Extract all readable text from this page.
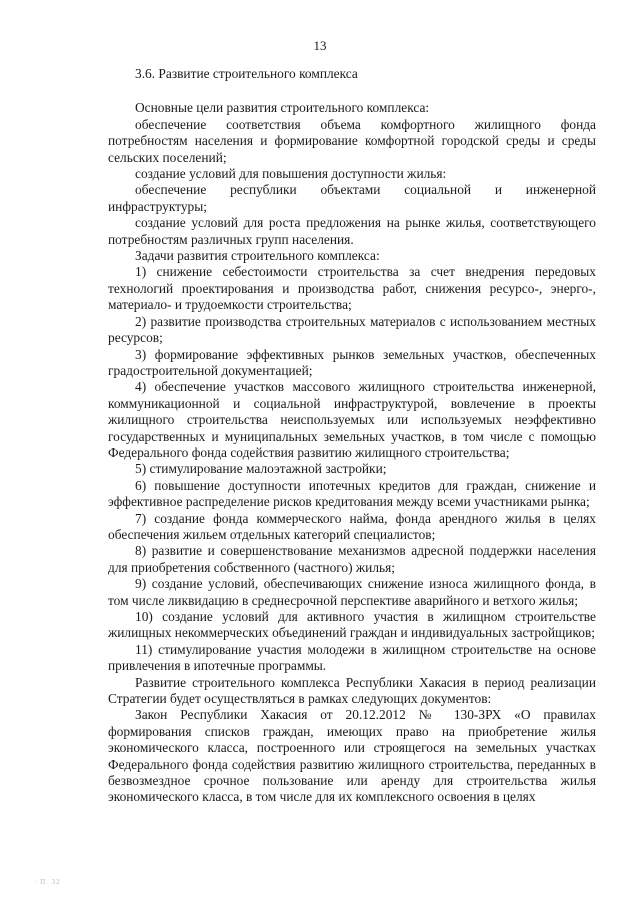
13
3.6. Развитие строительного комплекса

Основные цели развития строительного комплекса:

обеспечение соответствия объема комфортного жилищного фонда потребностям населения и формирование комфортной городской среды и среды сельских поселений;

создание условий для повышения доступности жилья:

обеспечение республики объектами социальной и инженерной инфраструктуры;

создание условий для роста предложения на рынке жилья, соответствующего потребностям различных групп населения.

Задачи развития строительного комплекса:

1) снижение себестоимости строительства за счет внедрения передовых технологий проектирования и производства работ, снижения ресурсо-, энерго-, материало- и трудоемкости строительства;

2) развитие производства строительных материалов с использованием местных ресурсов;

3) формирование эффективных рынков земельных участков, обеспеченных градостроительной документацией;

4) обеспечение участков массового жилищного строительства инженерной, коммуникационной и социальной инфраструктурой, вовлечение в проекты жилищного строительства неиспользуемых или используемых неэффективно государственных и муниципальных земельных участков, в том числе с помощью Федерального фонда содействия развитию жилищного строительства;

5) стимулирование малоэтажной застройки;

6) повышение доступности ипотечных кредитов для граждан, снижение и эффективное распределение рисков кредитования между всеми участниками рынка;

7) создание фонда коммерческого найма, фонда арендного жилья в целях обеспечения жильем отдельных категорий специалистов;

8) развитие и совершенствование механизмов адресной поддержки населения для приобретения собственного (частного) жилья;

9) создание условий, обеспечивающих снижение износа жилищного фонда, в том числе ликвидацию в среднесрочной перспективе аварийного и ветхого жилья;

10) создание условий для активного участия в жилищном строительстве жилищных некоммерческих объединений граждан и индивидуальных застройщиков;

11) стимулирование участия молодежи в жилищном строительстве на основе привлечения в ипотечные программы.

Развитие строительного комплекса Республики Хакасия в период реализации Стратегии будет осуществляться в рамках следующих документов:

Закон Республики Хакасия от 20.12.2012 № 130-ЗРХ «О правилах формирования списков граждан, имеющих право на приобретение жилья экономического класса, построенного или строящегося на земельных участках Федерального фонда содействия развитию жилищного строительства, переданных в безвозмездное срочное пользование или аренду для строительства жилья экономического класса, в том числе для их комплексного освоения в целях

· П. 32
